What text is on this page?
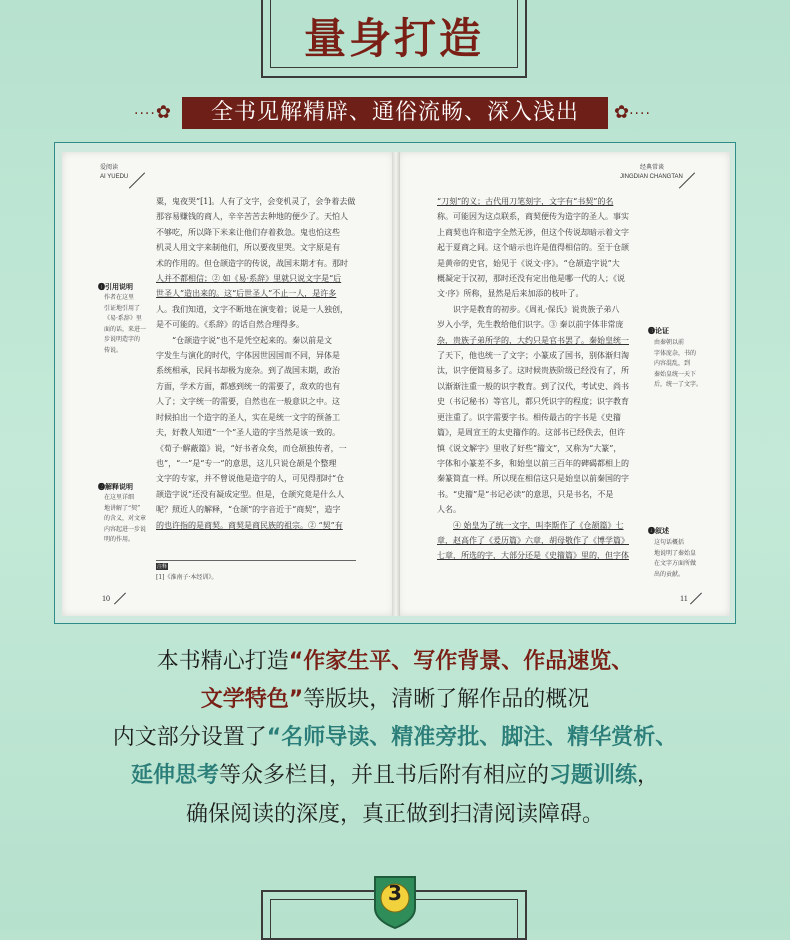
量身打造
····✿	全书见解精辟、通俗流畅、深入浅出	✿····
爱阅读
AI YUEDU
粟，鬼夜哭”[1]。人有了文字，会变机灵了，会争着去做
那容易赚钱的商人，辛辛苦苦去种地的便少了。天怕人
不够吃，所以降下米来让他们存着救急。鬼也怕这些
机灵人用文字来制他们，所以要夜里哭。文字原是有
术的作用的。但仓颉造字的传说，战国末期才有。那时
人并不都相信；② 如《易·系辞》里就只说文字是“后
世圣人”造出来的。这“后世圣人”不止一人，是许多
人。我们知道，文字不断地在演变着；说是一人独创，
是不可能的。《系辞》的话自然合理得多。
“仓颉造字说”也不是凭空起来的。秦以前是文
字发生与演化的时代，字体因世因国而不同，异体是
系统相承，民间书却极为庞杂。到了战国末期，政治
方面，学术方面，都感到统一的需要了，敌欢的也有
人了；文字统一的需要，自然也在一般意识之中。这
时候拍出一个造字的圣人，实在是统一文字的预备工
夫，好教人知道“一个”圣人造的字当然是该一致的。
《荀子·解蔽篇》说，“好书者众矣，而仓颉独传者，一
也”，“一”是“专一”的意思，这儿只说仓颉是个整理
文字的专家，并不曾说他是造字的人，可见得那时“仓
颉造字说”还没有凝成定型。但是，仓颉究竟是什么人
呢？照近人的解释，“仓颉”的字音近于“商契”，造字
的也许指的是商契。商契是商民族的祖宗。② “契”有
❶引用说明
作者在这里
引证地引用了
《易·系辞》里
面的话，来进一
步说明造字的
传说。
❷解释说明
在这里详细
地讲解了“契”
的含义，对文章
内容起进一步说
明的作用。
注释
[1]《淮南子·本经训》。
10
经典常谈
JINGDIAN CHANGTAN
“刀刻”的义；古代用刀笔刻字，文字有“书契”的名
称。可能因为这点联系，商契便传为造字的圣人。事实
上商契也许和造字全然无涉，但这个传说却暗示着文字
起于夏商之间。这个暗示也许是值得相信的。至于仓颉
是黄帝的史官，始见于《说文·序》。“仓颉造字说”大
概凝定于汉初，那时还没有定出他是哪一代的人；《说
文·序》所称，显然是后来加添的枝叶了。
识字是教育的初步。《周礼·保氏》说贵族子弟八
岁入小学，先生教给他们识字。③ 秦以前字体非常庞
杂，贵族子弟所学的，大约只是官书罢了。秦始皇统一
了天下，他也统一了文字；小篆成了国书，别体渐归淘
汰，识字便简易多了。这时候贵族阶级已经没有了，所
以渐渐注重一般的识字教育。到了汉代，考试史、尚书
史（书记秘书）等官儿，都只凭识字的程度；识字教育
更注重了。识字需要字书。相传最古的字书是《史籀
篇》，是周宣王的太史籀作的。这部书已经佚去，但许
慎《说文解字》里收了好些“籀文”，又称为“大篆”，
字体和小篆差不多，和始皇以前三百年的碑碣都相上的
秦篆简直一样。所以现在相信这只是始皇以前秦国的字
书。“史籀”是“书记必读”的意思，只是书名，不是
人名。
④ 始皇为了统一文字，叫李斯作了《仓颉篇》七
章，赵高作了《爰历篇》六章，胡母敬作了《博学篇》
七章，所选的字，大部分还是《史籀篇》里的，但字体
❸论证
由秦朝以前
字体庞杂，书的
内容混乱，到
秦始皇统一天下
后，统一了文字。
❹叙述
这句话概括
地说明了秦始皇
在文字方面所做
出的贡献。
11
本书精心打造“作家生平、写作背景、作品速览、
文学特色”等版块，清晰了解作品的概况
内文部分设置了“名师导读、精准旁批、脚注、精华赏析、
延伸思考等众多栏目，并且书后附有相应的习题训练，
确保阅读的深度，真正做到扫清阅读障碍。
3
